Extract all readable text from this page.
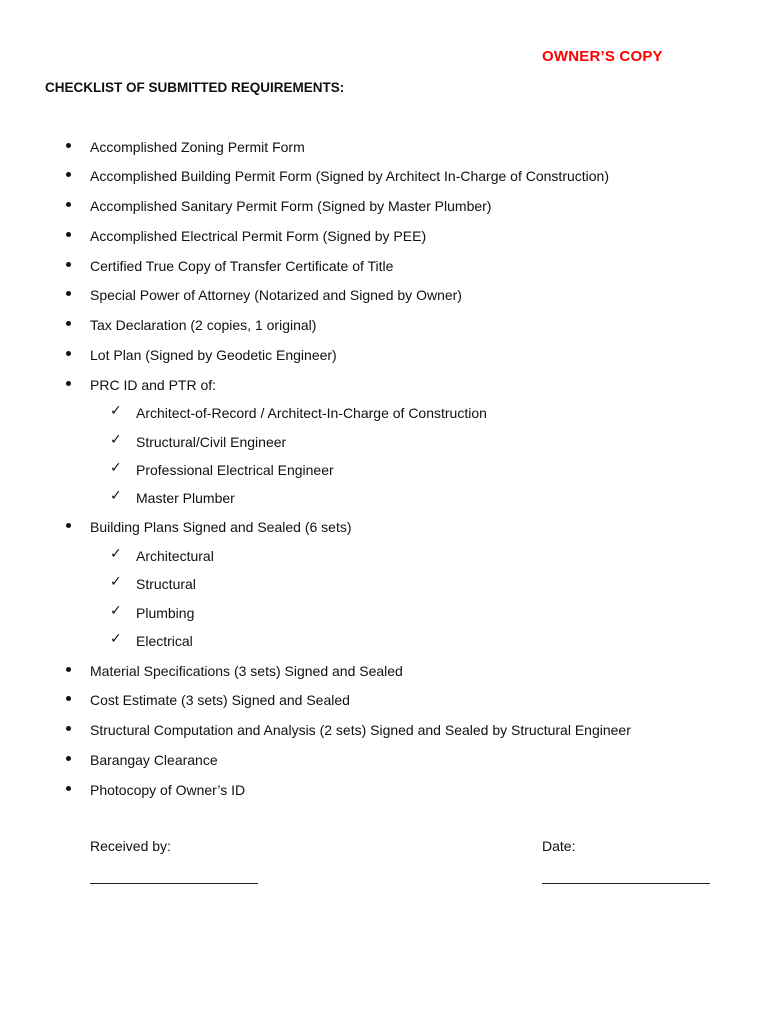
OWNER’S COPY
CHECKLIST OF SUBMITTED REQUIREMENTS:
Accomplished Zoning Permit Form
Accomplished Building Permit Form (Signed by Architect In-Charge of Construction)
Accomplished Sanitary Permit Form (Signed by Master Plumber)
Accomplished Electrical Permit Form (Signed by PEE)
Certified True Copy of Transfer Certificate of Title
Special Power of Attorney (Notarized and Signed by Owner)
Tax Declaration (2 copies, 1 original)
Lot Plan (Signed by Geodetic Engineer)
PRC ID and PTR of:
✓ Architect-of-Record / Architect-In-Charge of Construction
✓ Structural/Civil Engineer
✓ Professional Electrical Engineer
✓ Master Plumber
Building Plans Signed and Sealed (6 sets)
✓ Architectural
✓ Structural
✓ Plumbing
✓ Electrical
Material Specifications (3 sets) Signed and Sealed
Cost Estimate (3 sets) Signed and Sealed
Structural Computation and Analysis (2 sets) Signed and Sealed by Structural Engineer
Barangay Clearance
Photocopy of Owner’s ID
Received by:	Date:
